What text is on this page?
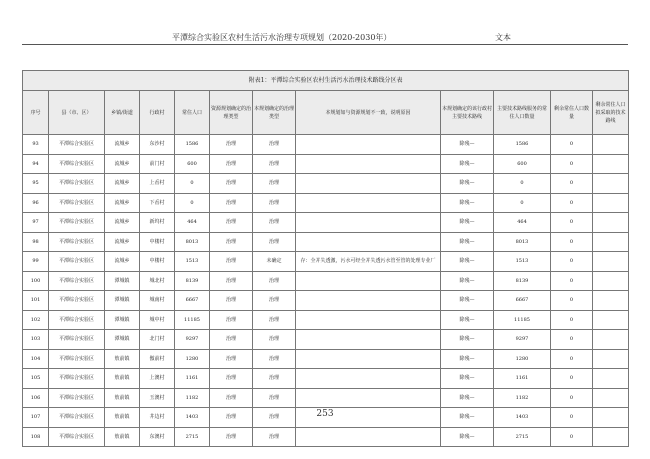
平潭综合实验区农村生活污水治理专项规划（2020-2030年）	文本
附表1：平潭综合实验区农村生活污水治理技术路线分区表											
序号	县（市、区）	乡镇/街道	行政村	常住人口	资源规划确定的治理类型	本规划确定的治理类型	本规划如与资源规划不一致，说明原因	本规划确定的该行政村主要技术路线	主要技术路线服务的常住人口数量	剩余常住人口数量	剩余常住人口拟采取的技术路线
93	平潭综合实验区	流城乡	东沙村	1586	治理	治理		除残—	1586	0	
94	平潭综合实验区	流城乡	前门村	600	治理	治理		除残—	600	0	
95	平潭综合实验区	流城乡	上岙村	0	治理	治理		除残—	0	0	
96	平潭综合实验区	流城乡	下岙村	0	治理	治理		除残—	0	0	
97	平潭综合实验区	流城乡	新坞村	464	治理	治理		除残—	464	0	
98	平潭综合实验区	流城乡	中楼村	8013	治理	治理		除残—	8013	0	
99	平潭综合实验区	流城乡	中楼村	1513	治理	未确定	存：全并失透激，污水可经全并失透污水管至管的处理专业厂	除残—	1513	0	
100	平潭综合实验区	潭城镇	城北村	8139	治理	治理		除残—	8139	0	
101	平潭综合实验区	潭城镇	城南村	6667	治理	治理		除残—	6667	0	
102	平潭综合实验区	潭城镇	城中村	11185	治理	治理		除残—	11185	0	
103	平潭综合实验区	潭城镇	北门村	9297	治理	治理		除残—	9297	0	
104	平潭综合实验区	敖前镇	傲前村	1280	治理	治理		除残—	1280	0	
105	平潭综合实验区	敖前镇	上澳村	1161	治理	治理		除残—	1161	0	
106	平潭综合实验区	敖前镇	玉澳村	1182	治理	治理		除残—	1182	0	
107	平潭综合实验区	敖前镇	井边村	1403	治理	治理		除残—	1403	0	
108	平潭综合实验区	敖前镇	东澳村	2715	治理	治理		除残—	2715	0	
253
